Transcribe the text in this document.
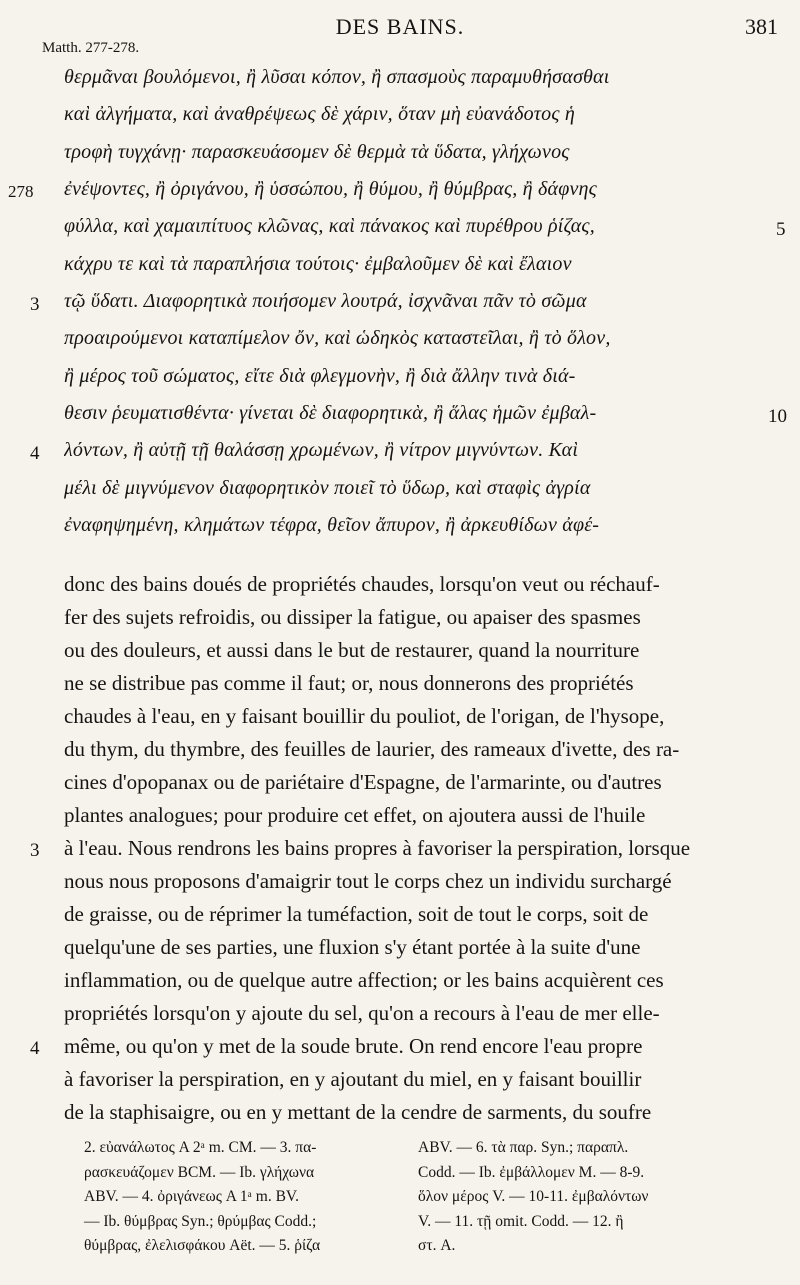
DES BAINS.	381
Matth. 277-278.
θερμᾶναι βουλόμενοι, ἢ λῦσαι κόπον, ἢ σπασμοὺς παραμυθήσασθαι
καὶ ἀλγήματα, καὶ ἀναθρέψεως δὲ χάριν, ὅταν μὴ εὐανάδοτος ἡ
τροφὴ τυγχάνῃ· παρασκευάσομεν δὲ θερμὰ τὰ ὕδατα, γλήχωνος
ἐνέψοντες, ἢ ὀριγάνου, ἢ ὑσσώπου, ἢ θύμου, ἢ θύμβρας, ἢ δάφνης
φύλλα, καὶ χαμαιπίτυος κλῶνας, καὶ πάνακος καὶ πυρέθρου ῥίζας,
κάχρυ τε καὶ τὰ παραπλήσια τούτοις· ἐμβαλοῦμεν δὲ καὶ ἔλαιον
τῷ ὕδατι. Διαφορητικὰ ποιήσομεν λουτρά, ἰσχνᾶναι πᾶν τὸ σῶμα
προαιρούμενοι καταπίμελον ὄν, καὶ ὡδηκὸς καταστεῖλαι, ἢ τὸ ὅλον,
ἢ μέρος τοῦ σώματος, εἴτε διὰ φλεγμονὴν, ἢ διὰ ἄλλην τινὰ διά-
θεσιν ῥευματισθέντα· γίνεται δὲ διαφορητικὰ, ἢ ἅλας ἡμῶν ἐμβαλ-
λόντων, ἢ αὐτῇ τῇ θαλάσσῃ χρωμένων, ἢ νίτρον μιγνύντων. Καὶ
μέλι δὲ μιγνύμενον διαφορητικὸν ποιεῖ τὸ ὕδωρ, καὶ σταφὶς ἀγρία
ἐναφηψημένη, κλημάτων τέφρα, θεῖον ἄπυρον, ἢ ἀρκευθίδων ἀφέ-
278
3
4
5
10
donc des bains doués de propriétés chaudes, lorsqu'on veut ou réchauf-
fer des sujets refroidis, ou dissiper la fatigue, ou apaiser des spasmes
ou des douleurs, et aussi dans le but de restaurer, quand la nourriture
ne se distribue pas comme il faut; or, nous donnerons des propriétés
chaudes à l'eau, en y faisant bouillir du pouliot, de l'origan, de l'hysope,
du thym, du thymbre, des feuilles de laurier, des rameaux d'ivette, des ra-
cines d'opopanax ou de pariétaire d'Espagne, de l'armarinte, ou d'autres
plantes analogues; pour produire cet effet, on ajoutera aussi de l'huile
à l'eau. Nous rendrons les bains propres à favoriser la perspiration, lorsque
nous nous proposons d'amaigrir tout le corps chez un individu surchargé
de graisse, ou de réprimer la tuméfaction, soit de tout le corps, soit de
quelqu'une de ses parties, une fluxion s'y étant portée à la suite d'une
inflammation, ou de quelque autre affection; or les bains acquièrent ces
propriétés lorsqu'on y ajoute du sel, qu'on a recours à l'eau de mer elle-
même, ou qu'on y met de la soude brute. On rend encore l'eau propre
à favoriser la perspiration, en y ajoutant du miel, en y faisant bouillir
de la staphisaigre, ou en y mettant de la cendre de sarments, du soufre
3
4
2. εὐανάλωτος A 2ᵃ m. CM. — 3. πα-
ρασκευάζομεν BCM. — Ib. γλήχωνα
ABV. — 4. ὀριγάνεως A 1ᵃ m. BV.
— Ib. θύμβρας Syn.; θρύμβας Codd.;
θύμβρας, ἐλελισφάκου Aët. — 5. ῥίζα
ABV. — 6. τὰ παρ. Syn.; παραπλ.
Codd. — Ib. ἐμβάλλομεν M. — 8-9.
ὅλον μέρος V. — 10-11. ἐμβαλόντων
V. — 11. τῇ omit. Codd. — 12. ἢ
στ. A.
